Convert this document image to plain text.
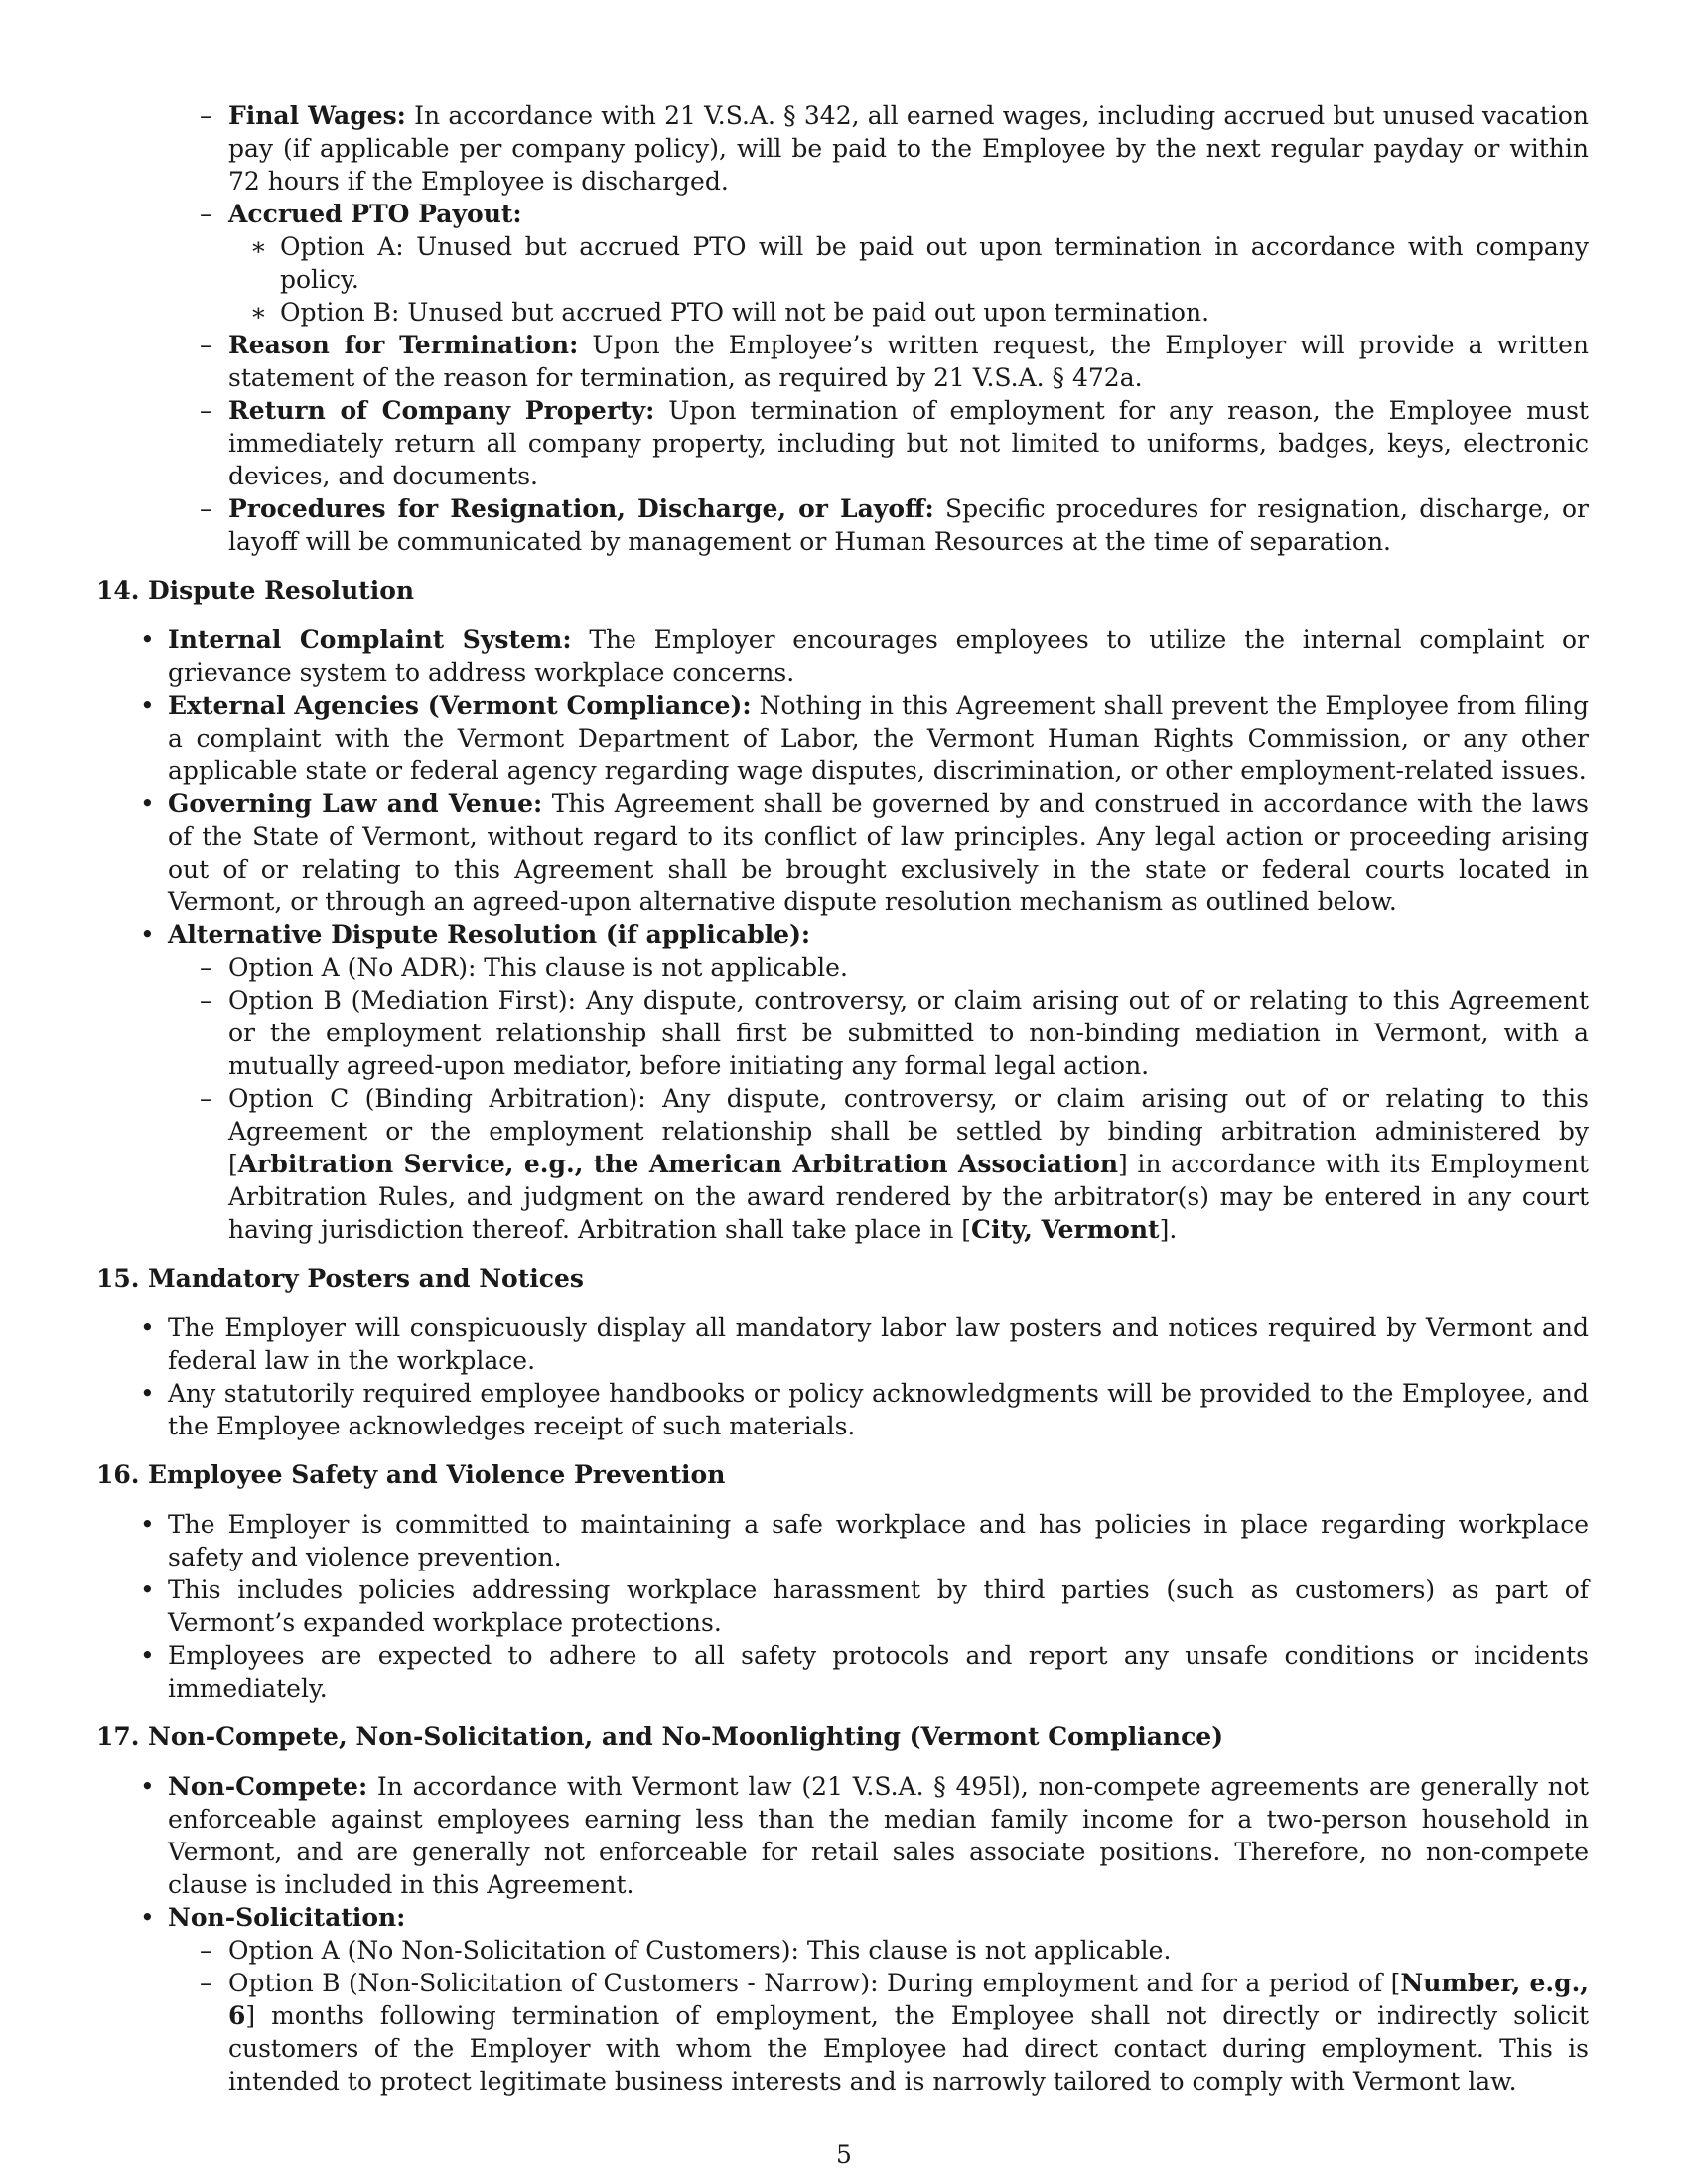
– Final Wages: In accordance with 21 V.S.A. § 342, all earned wages, including accrued but unused vacation pay (if applicable per company policy), will be paid to the Employee by the next regular payday or within 72 hours if the Employee is discharged.
– Accrued PTO Payout:
∗ Option A: Unused but accrued PTO will be paid out upon termination in accordance with company policy.
∗ Option B: Unused but accrued PTO will not be paid out upon termination.
– Reason for Termination: Upon the Employee’s written request, the Employer will provide a written statement of the reason for termination, as required by 21 V.S.A. § 472a.
– Return of Company Property: Upon termination of employment for any reason, the Employee must immediately return all company property, including but not limited to uniforms, badges, keys, electronic devices, and documents.
– Procedures for Resignation, Discharge, or Layoff: Specific procedures for resignation, discharge, or layoff will be communicated by management or Human Resources at the time of separation.
14. Dispute Resolution
• Internal Complaint System: The Employer encourages employees to utilize the internal complaint or grievance system to address workplace concerns.
• External Agencies (Vermont Compliance): Nothing in this Agreement shall prevent the Employee from filing a complaint with the Vermont Department of Labor, the Vermont Human Rights Commission, or any other applicable state or federal agency regarding wage disputes, discrimination, or other employment-related issues.
• Governing Law and Venue: This Agreement shall be governed by and construed in accordance with the laws of the State of Vermont, without regard to its conflict of law principles. Any legal action or proceeding arising out of or relating to this Agreement shall be brought exclusively in the state or federal courts located in Vermont, or through an agreed-upon alternative dispute resolution mechanism as outlined below.
• Alternative Dispute Resolution (if applicable):
– Option A (No ADR): This clause is not applicable.
– Option B (Mediation First): Any dispute, controversy, or claim arising out of or relating to this Agreement or the employment relationship shall first be submitted to non-binding mediation in Vermont, with a mutually agreed-upon mediator, before initiating any formal legal action.
– Option C (Binding Arbitration): Any dispute, controversy, or claim arising out of or relating to this Agreement or the employment relationship shall be settled by binding arbitration administered by [Arbitration Service, e.g., the American Arbitration Association] in accordance with its Employment Arbitration Rules, and judgment on the award rendered by the arbitrator(s) may be entered in any court having jurisdiction thereof. Arbitration shall take place in [City, Vermont].
15. Mandatory Posters and Notices
• The Employer will conspicuously display all mandatory labor law posters and notices required by Vermont and federal law in the workplace.
• Any statutorily required employee handbooks or policy acknowledgments will be provided to the Employee, and the Employee acknowledges receipt of such materials.
16. Employee Safety and Violence Prevention
• The Employer is committed to maintaining a safe workplace and has policies in place regarding workplace safety and violence prevention.
• This includes policies addressing workplace harassment by third parties (such as customers) as part of Vermont’s expanded workplace protections.
• Employees are expected to adhere to all safety protocols and report any unsafe conditions or incidents immediately.
17. Non-Compete, Non-Solicitation, and No-Moonlighting (Vermont Compliance)
• Non-Compete: In accordance with Vermont law (21 V.S.A. § 495l), non-compete agreements are generally not enforceable against employees earning less than the median family income for a two-person household in Vermont, and are generally not enforceable for retail sales associate positions. Therefore, no non-compete clause is included in this Agreement.
• Non-Solicitation:
– Option A (No Non-Solicitation of Customers): This clause is not applicable.
– Option B (Non-Solicitation of Customers - Narrow): During employment and for a period of [Number, e.g., 6] months following termination of employment, the Employee shall not directly or indirectly solicit customers of the Employer with whom the Employee had direct contact during employment. This is intended to protect legitimate business interests and is narrowly tailored to comply with Vermont law.
5
